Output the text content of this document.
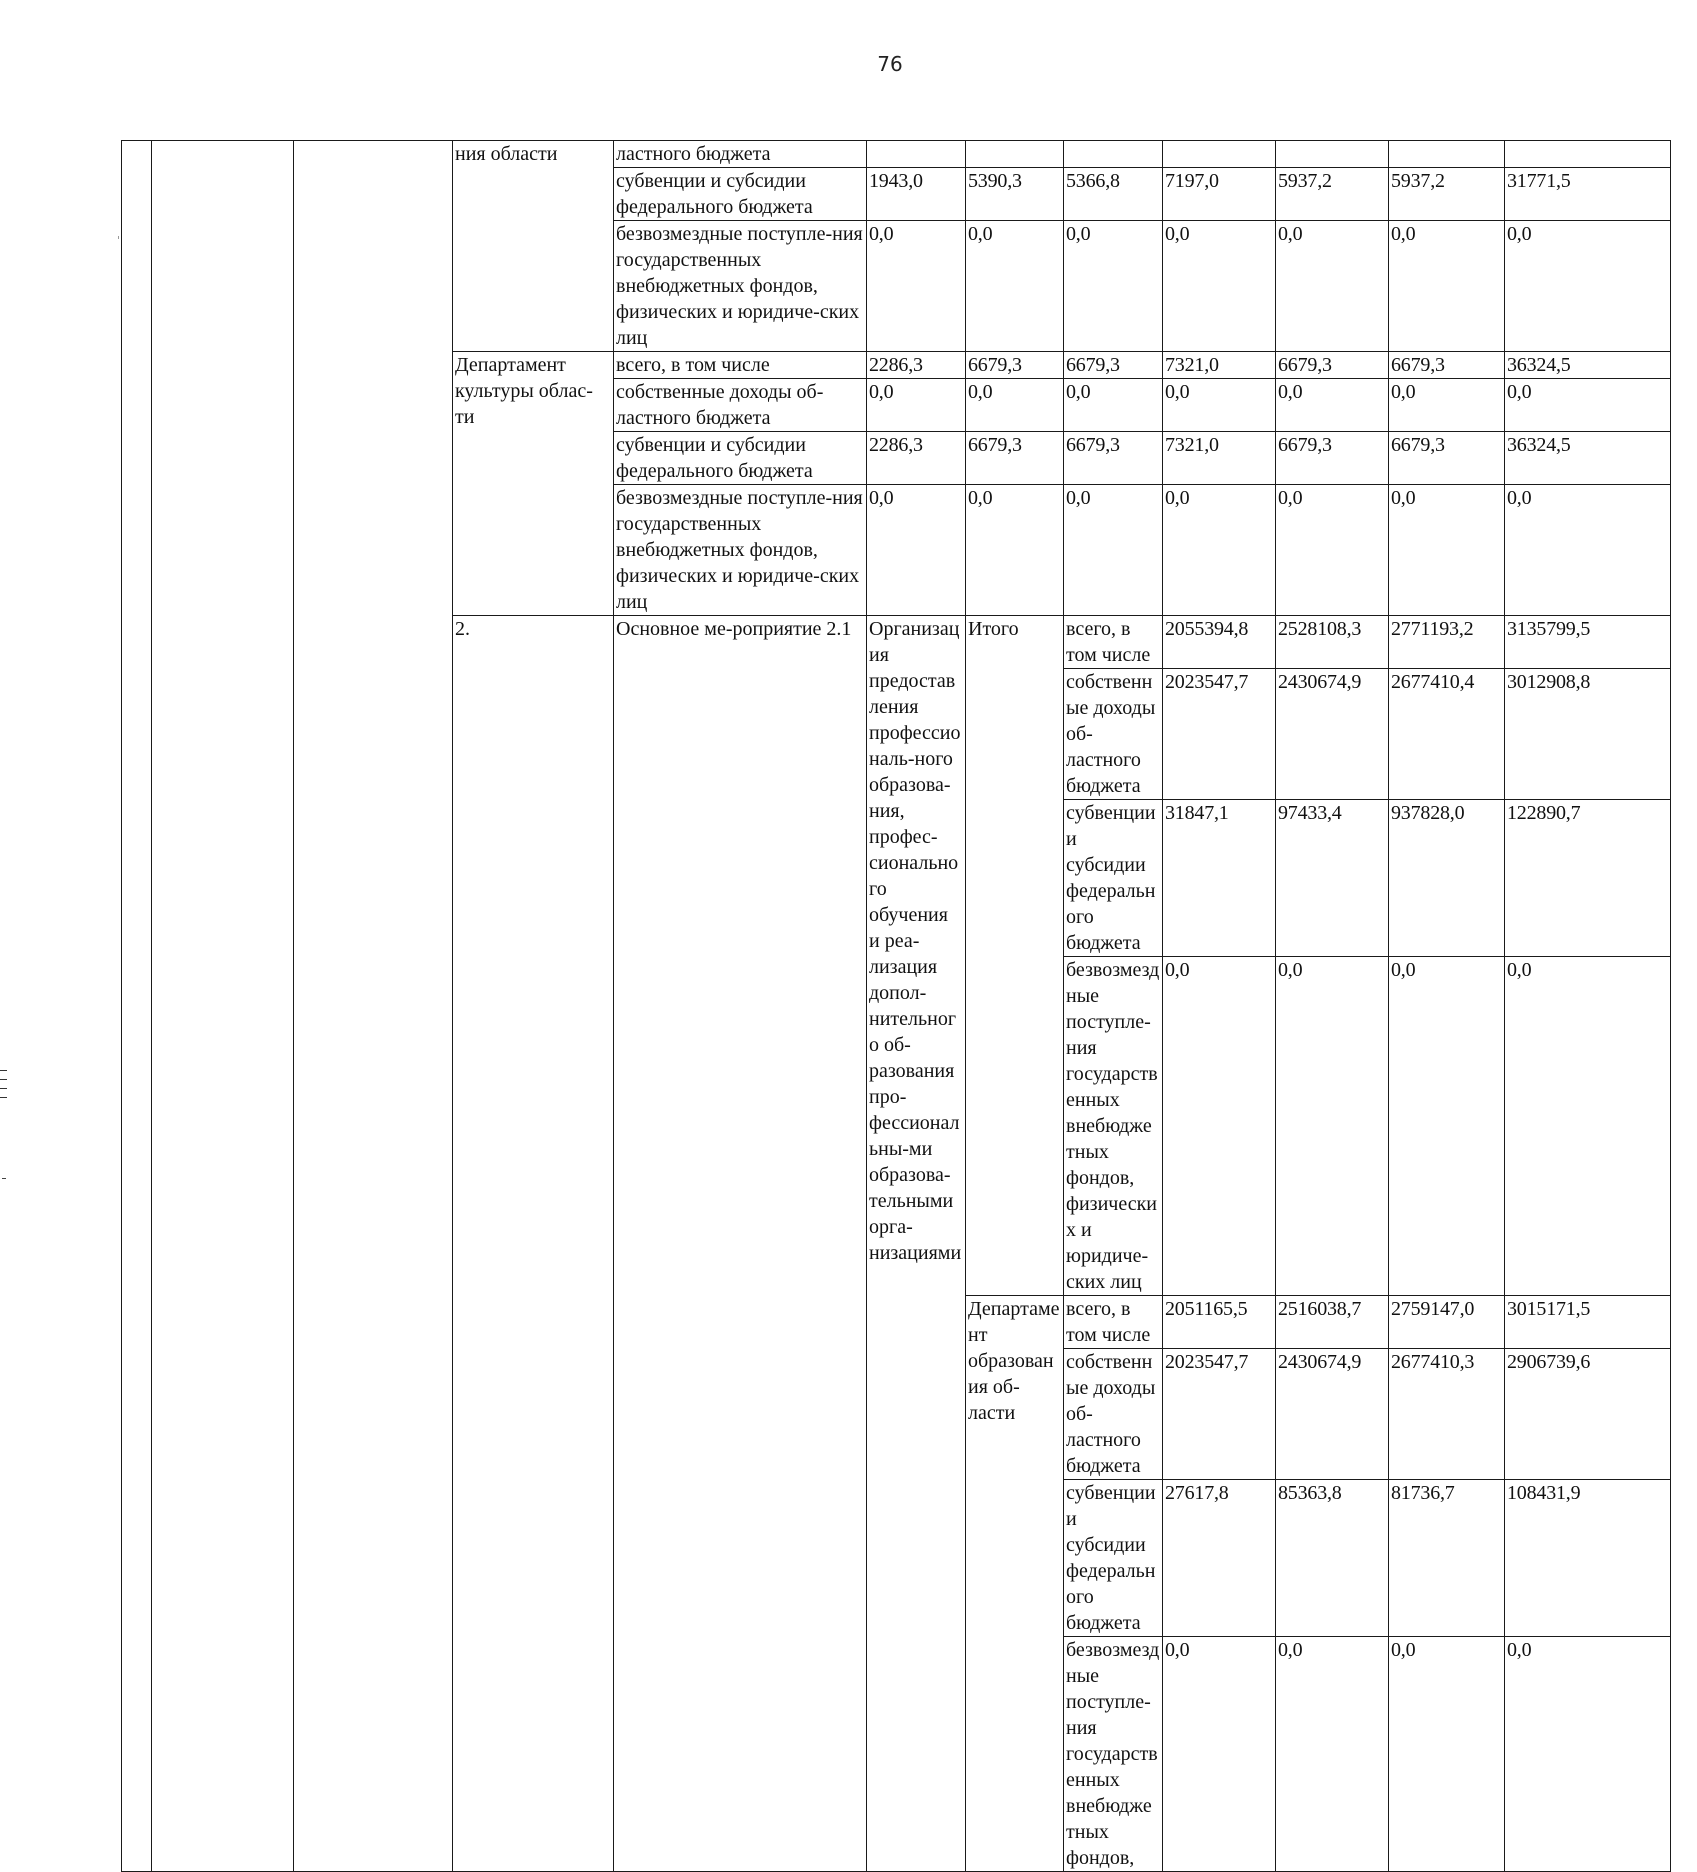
76
			ния области	ластного бюджета								
				субвенции и субсидии федерального бюджета	1943,0	5390,3	5366,8	7197,0	5937,2	5937,2	31771,5	
				безвозмездные поступле-ния государственных внебюджетных фондов, физических и юридиче-ских лиц	0,0	0,0	0,0	0,0	0,0	0,0	0,0	
			Департамент культуры облас-ти	всего, в том числе	2286,3	6679,3	6679,3	7321,0	6679,3	6679,3	36324,5	
				собственные доходы об-ластного бюджета	0,0	0,0	0,0	0,0	0,0	0,0	0,0	
				субвенции и субсидии федерального бюджета	2286,3	6679,3	6679,3	7321,0	6679,3	6679,3	36324,5	
				безвозмездные поступле-ния государственных внебюджетных фондов, физических и юридиче-ских лиц	0,0	0,0	0,0	0,0	0,0	0,0	0,0	
			2.	Основное ме-роприятие 2.1	Организация предоставления профессиональ-ного образова-ния, профес-сионального обучения и реа-лизация допол-нительного об-разования про-фессиональны-ми образова-тельными орга-низациями	Итого	всего, в том числе	2055394,8	2528108,3	2771193,2	3135799,5			
							собственные доходы об-ластного бюджета	2023547,7	2430674,9	2677410,4	3012908,8			
							субвенции и субсидии федерального бюджета	31847,1	97433,4	937828,0	122890,7			
							безвозмездные поступле-ния государственных внебюджетных фондов, физических и юридиче-ских лиц	0,0	0,0	0,0	0,0			
						Департамент образования об-ласти	всего, в том числе	2051165,5	2516038,7	2759147,0	3015171,5			
							собственные доходы об-ластного бюджета	2023547,7	2430674,9	2677410,3	2906739,6			
							субвенции и субсидии федерального бюджета	27617,8	85363,8	81736,7	108431,9			
							безвозмездные поступле-ния государственных внебюджетных фондов,	0,0	0,0	0,0	0,0			
